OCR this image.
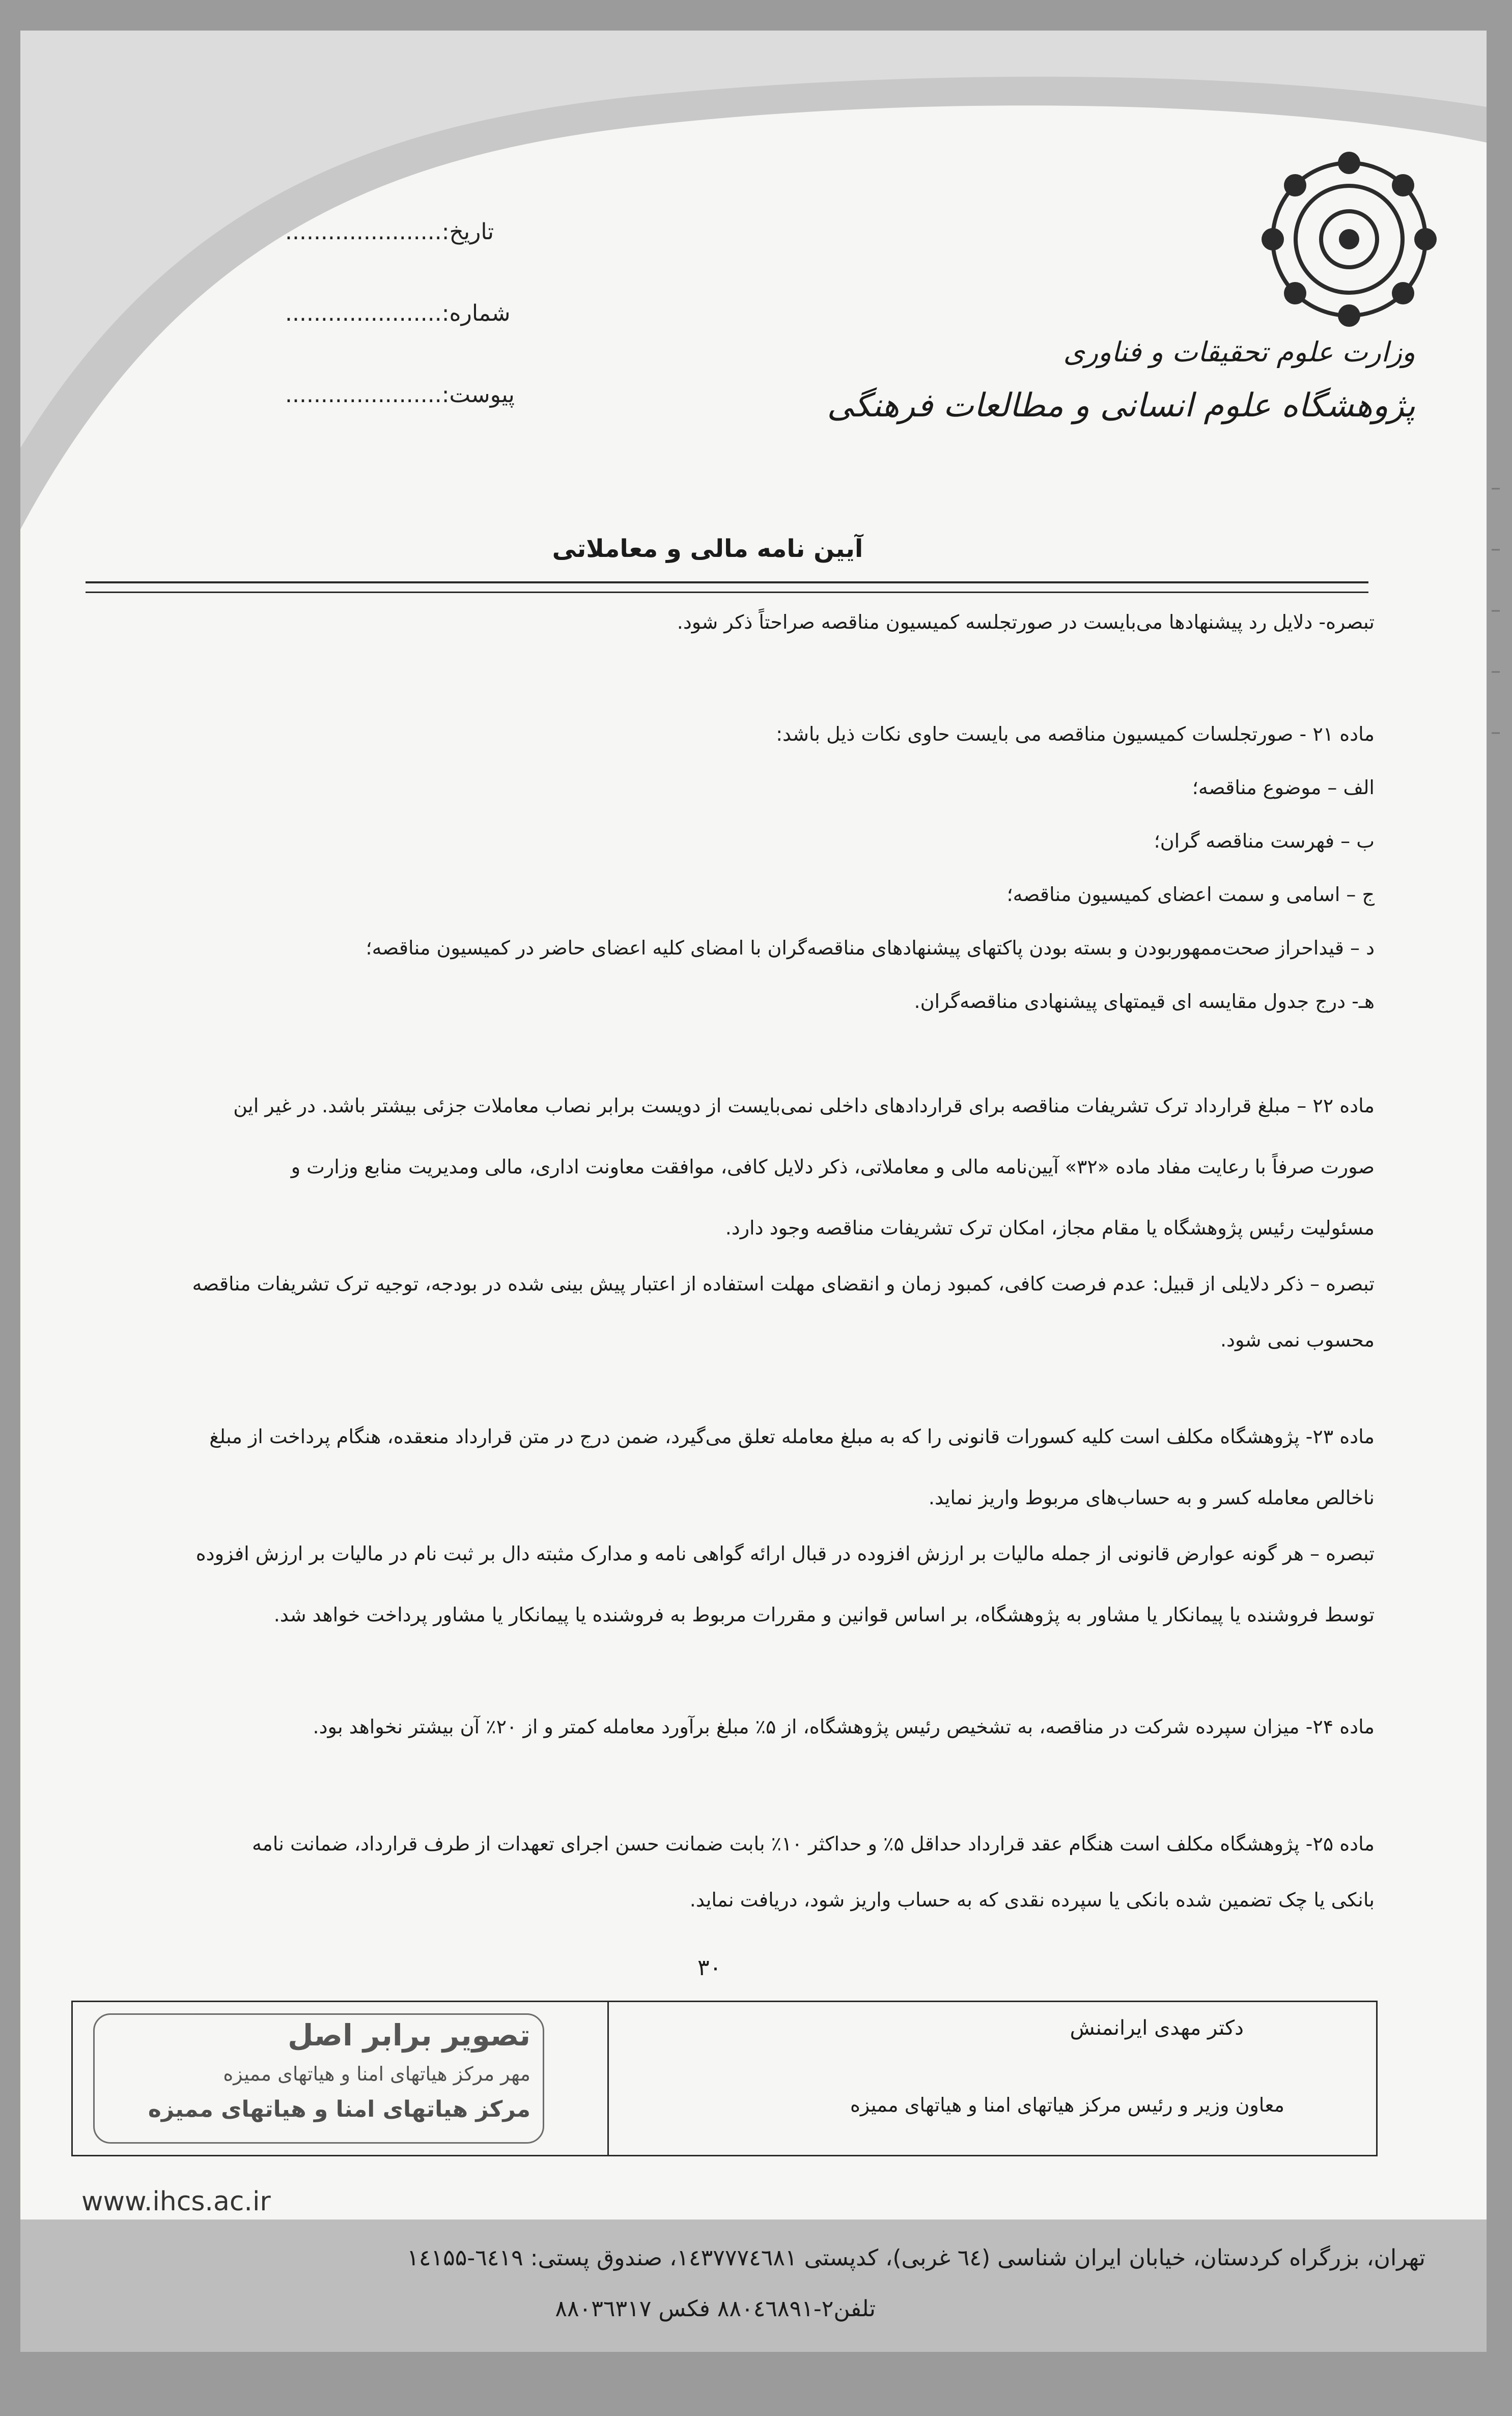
تاریخ:......................
شماره:......................
پیوست:......................
وزارت علوم تحقیقات و فناوری
پژوهشگاه علوم انسانی و مطالعات فرهنگی
آیین نامه مالی و معاملاتی
تبصره- دلایل رد پیشنهادها می‌بایست در صورتجلسه کمیسیون مناقصه صراحتاً ذکر شود.
ماده ۲۱ - صورتجلسات کمیسیون مناقصه می بایست حاوی نکات ذیل باشد:
الف – موضوع مناقصه؛
ب – فهرست مناقصه گران؛
ج – اسامی و سمت اعضای کمیسیون مناقصه؛
د – قیداحراز صحت‌ممهوربودن و بسته بودن پاکتهای پیشنهادهای مناقصه‌گران با امضای کلیه اعضای حاضر در کمیسیون مناقصه؛
هـ- درج جدول مقایسه ای قیمتهای پیشنهادی مناقصه‌گران.
ماده ۲۲ – مبلغ قرارداد ترک تشریفات مناقصه برای قراردادهای داخلی نمی‌بایست از دویست برابر نصاب معاملات جزئی بیشتر باشد. در غیر این
صورت صرفاً با رعایت مفاد ماده «۳۲» آیین‌نامه مالی و معاملاتی، ذکر دلایل کافی، موافقت معاونت اداری، مالی ومدیریت منابع وزارت و
مسئولیت رئیس پژوهشگاه یا مقام مجاز، امکان ترک تشریفات مناقصه وجود دارد.
تبصره – ذکر دلایلی از قبیل: عدم فرصت کافی، کمبود زمان و انقضای مهلت استفاده از اعتبار پیش بینی شده در بودجه، توجیه ترک تشریفات مناقصه
محسوب نمی شود.
ماده ۲۳- پژوهشگاه مکلف است کلیه کسورات قانونی را که به مبلغ معامله تعلق می‌گیرد، ضمن درج در متن قرارداد منعقده، هنگام پرداخت از مبلغ
ناخالص معامله کسر و به حساب‌های مربوط واریز نماید.
تبصره – هر گونه عوارض قانونی از جمله مالیات بر ارزش افزوده در قبال ارائه گواهی نامه و مدارک مثبته دال بر ثبت نام در مالیات بر ارزش افزوده
توسط فروشنده یا پیمانکار یا مشاور به پژوهشگاه، بر اساس قوانین و مقررات مربوط به فروشنده یا پیمانکار یا مشاور پرداخت خواهد شد.
ماده ۲۴- میزان سپرده شرکت در مناقصه، به تشخیص رئیس پژوهشگاه، از ۵٪ مبلغ برآورد معامله کمتر و از ۲۰٪ آن بیشتر نخواهد بود.
ماده ۲۵- پژوهشگاه مکلف است هنگام عقد قرارداد حداقل ۵٪ و حداکثر ۱۰٪ بابت ضمانت حسن اجرای تعهدات از طرف قرارداد، ضمانت نامه
بانکی یا چک تضمین شده بانکی یا سپرده نقدی که به حساب واریز شود، دریافت نماید.
۳۰
دکتر مهدی ایرانمنش
معاون وزیر و رئیس مرکز هیاتهای امنا و هیاتهای ممیزه
تصویر برابر اصل
مهر مرکز هیاتهای امنا و هیاتهای ممیزه
مرکز هیاتهای امنا و هیاتهای ممیزه
www.ihcs.ac.ir
تهران، بزرگراه کردستان، خیابان ایران شناسی (٦٤ غربی)، کدپستی ۱٤۳۷۷٧٤٦٨۱، صندوق پستی: ٦٤۱۹-۱٤۱۵۵
تلفن۲-۸۸۰٤٦۸۹۱ فکس ۸۸۰۳٦۳۱۷
